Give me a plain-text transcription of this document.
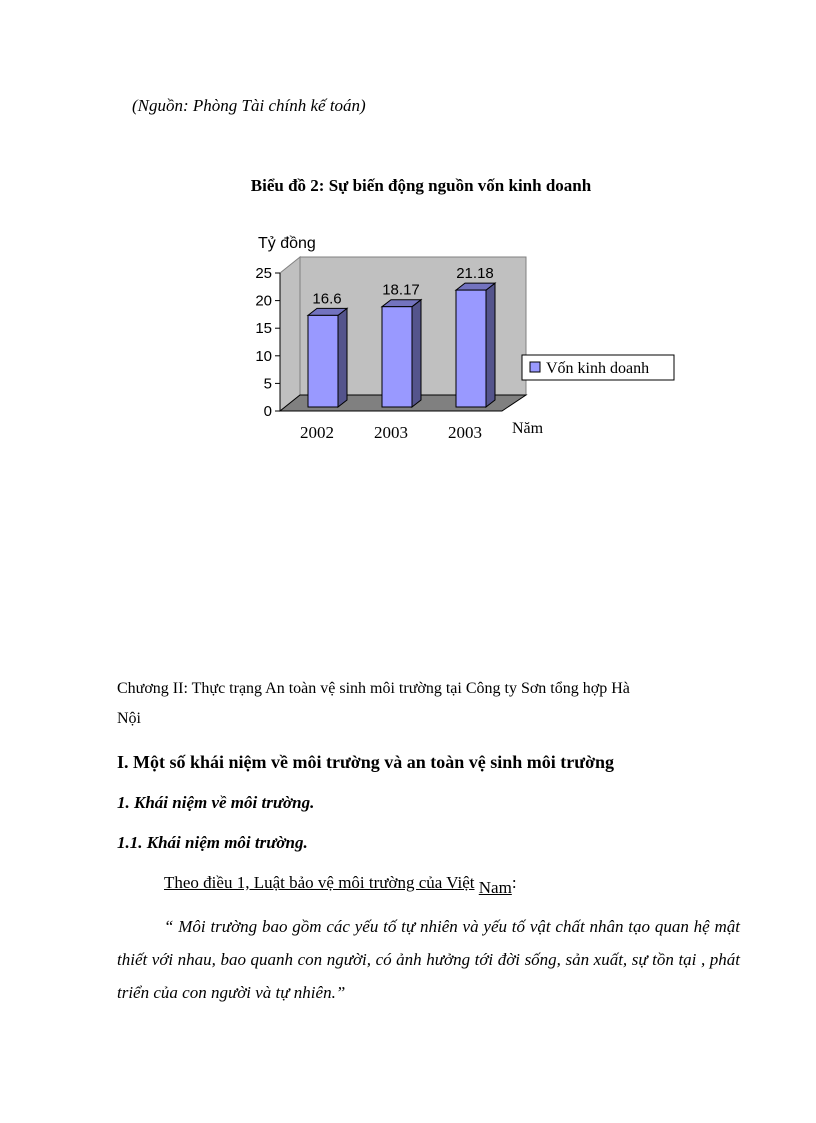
(Nguồn: Phòng Tài chính kế toán)
Biểu đồ 2: Sự biến động nguồn vốn kinh doanh
Tỷ đồng
0
5
10
15
20
25
2002 2003 2003
16.6
18.17
21.18
Năm
Vốn kinh doanh
Chương II: Thực trạng An toàn vệ sinh môi trường tại Công ty Sơn tổng hợp Hà
Nội
I. Một số khái niệm về môi trường và an toàn vệ sinh môi trường
1. Khái niệm về môi trường.
1.1. Khái niệm môi trường.
Theo điều 1, Luật bảo vệ môi trường của Việt Nam:
“ Môi trường bao gồm các yếu tố tự nhiên và yếu tố vật chất nhân tạo quan hệ mật thiết với nhau, bao quanh con người, có ảnh hưởng tới đời sống, sản xuất, sự tồn tại , phát triển của con người và tự nhiên.”
